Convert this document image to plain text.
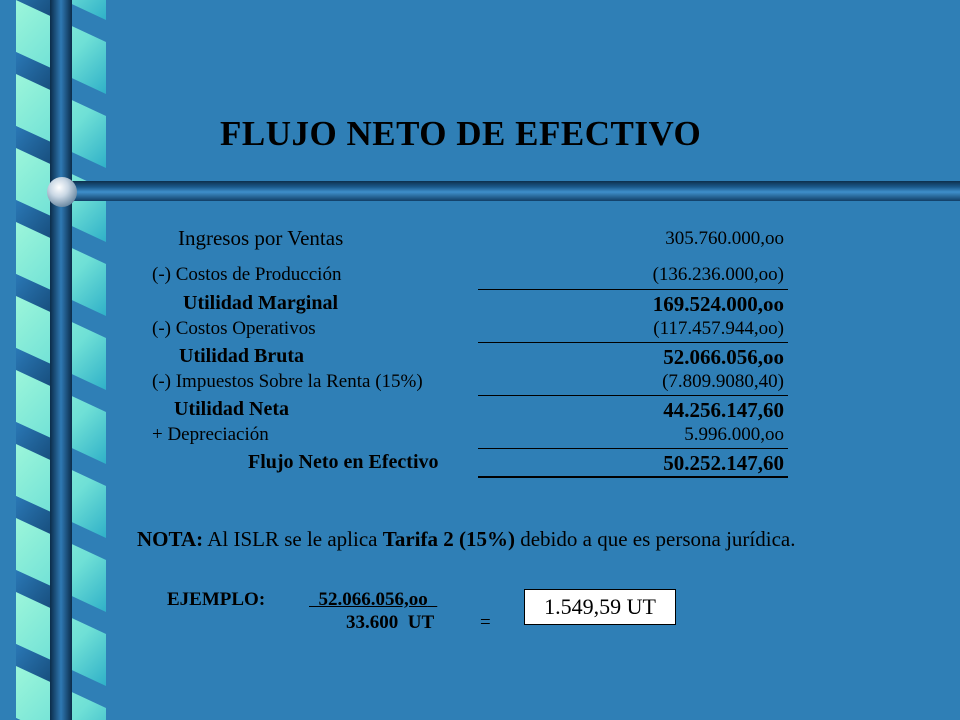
FLUJO NETO DE EFECTIVO
Ingresos por Ventas	305.760.000,oo
(-) Costos de Producción	(136.236.000,oo)
Utilidad Marginal	169.524.000,oo
(-) Costos Operativos	(117.457.944,oo)
Utilidad Bruta	52.066.056,oo
(-) Impuestos Sobre la Renta (15%)	(7.809.9080,40)
Utilidad Neta	44.256.147,60
+ Depreciación	5.996.000,oo
Flujo Neto en Efectivo	50.252.147,60
NOTA: Al ISLR se le aplica Tarifa 2 (15%) debido a que es persona jurídica.
EJEMPLO:	52.066.056,oo
33.600  UT =
1.549,59 UT
